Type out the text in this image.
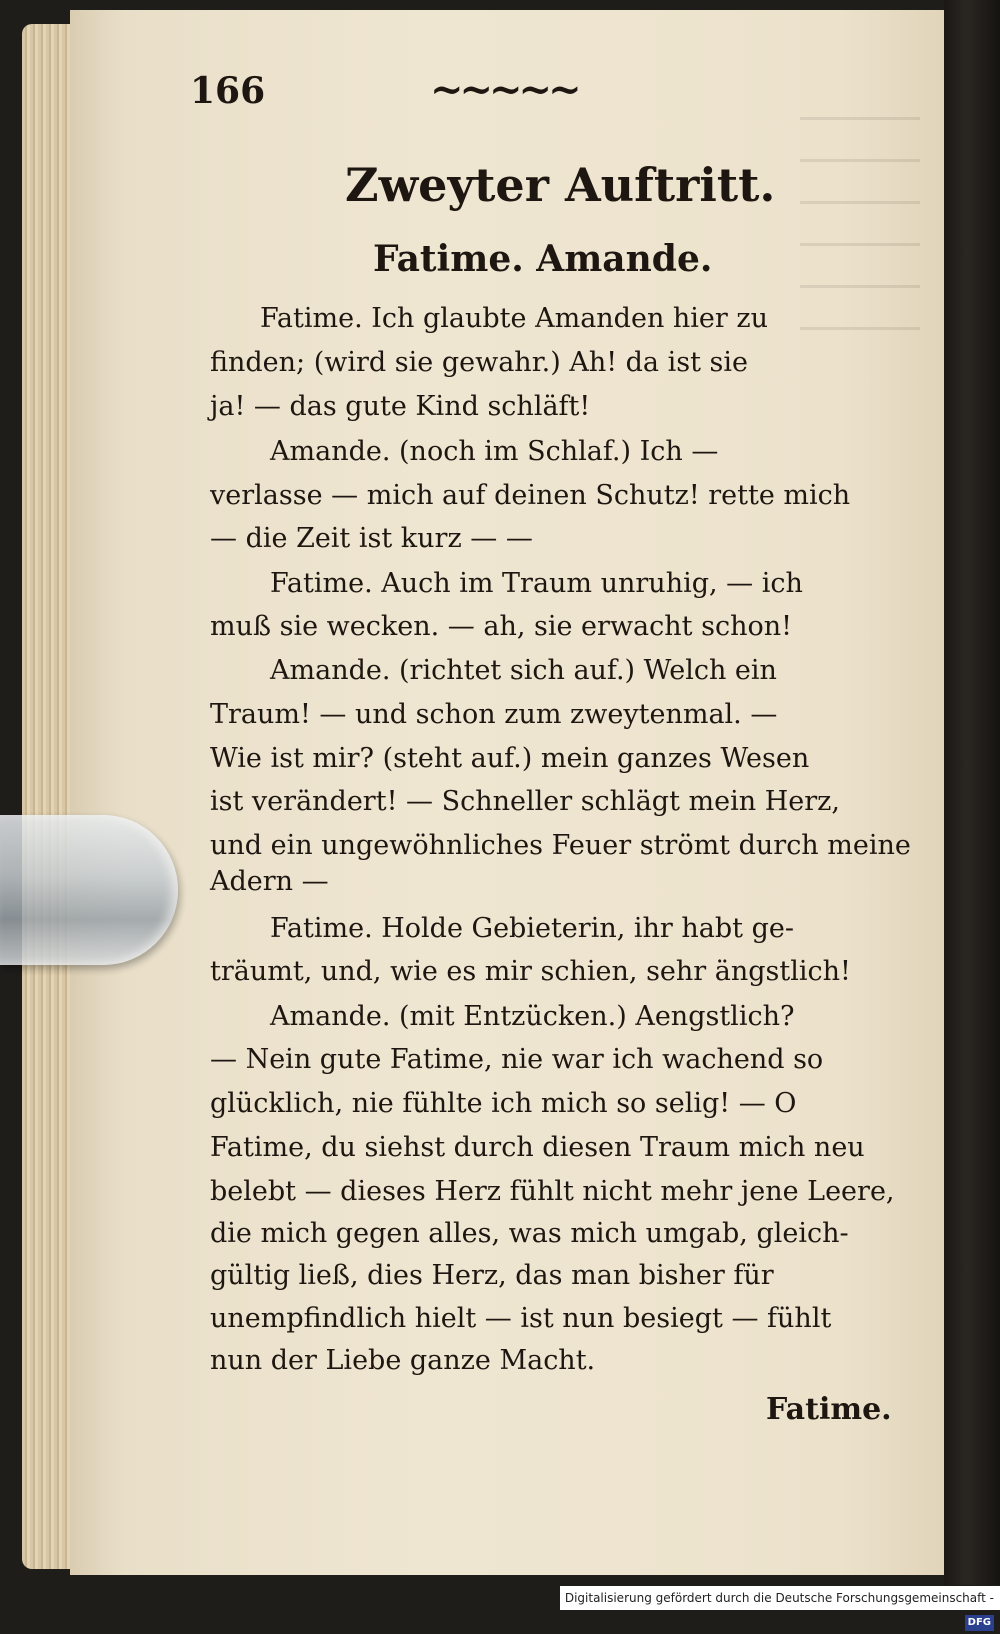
166	~~~~~
Zweyter Auftritt.
Fatime. Amande.
Fatime. Ich glaubte Amanden hier zu
finden; (wird sie gewahr.) Ah! da ist sie
ja! — das gute Kind schläft!
Amande. (noch im Schlaf.) Ich —
verlasse — mich auf deinen Schutz! rette mich
— die Zeit ist kurz — —
Fatime. Auch im Traum unruhig, — ich
muß sie wecken. — ah, sie erwacht schon!
Amande. (richtet sich auf.) Welch ein
Traum! — und schon zum zweytenmal. —
Wie ist mir? (steht auf.) mein ganzes Wesen
ist verändert! — Schneller schlägt mein Herz,
und ein ungewöhnliches Feuer strömt durch meine
Adern —
Fatime. Holde Gebieterin, ihr habt ge-
träumt, und, wie es mir schien, sehr ängstlich!
Amande. (mit Entzücken.) Aengstlich?
— Nein gute Fatime, nie war ich wachend so
glücklich, nie fühlte ich mich so selig! — O
Fatime, du siehst durch diesen Traum mich neu
belebt — dieses Herz fühlt nicht mehr jene Leere,
die mich gegen alles, was mich umgab, gleich-
gültig ließ, dies Herz, das man bisher für
unempfindlich hielt — ist nun besiegt — fühlt
nun der Liebe ganze Macht.
Fatime.
Digitalisierung gefördert durch die Deutsche Forschungsgemeinschaft - DFG
